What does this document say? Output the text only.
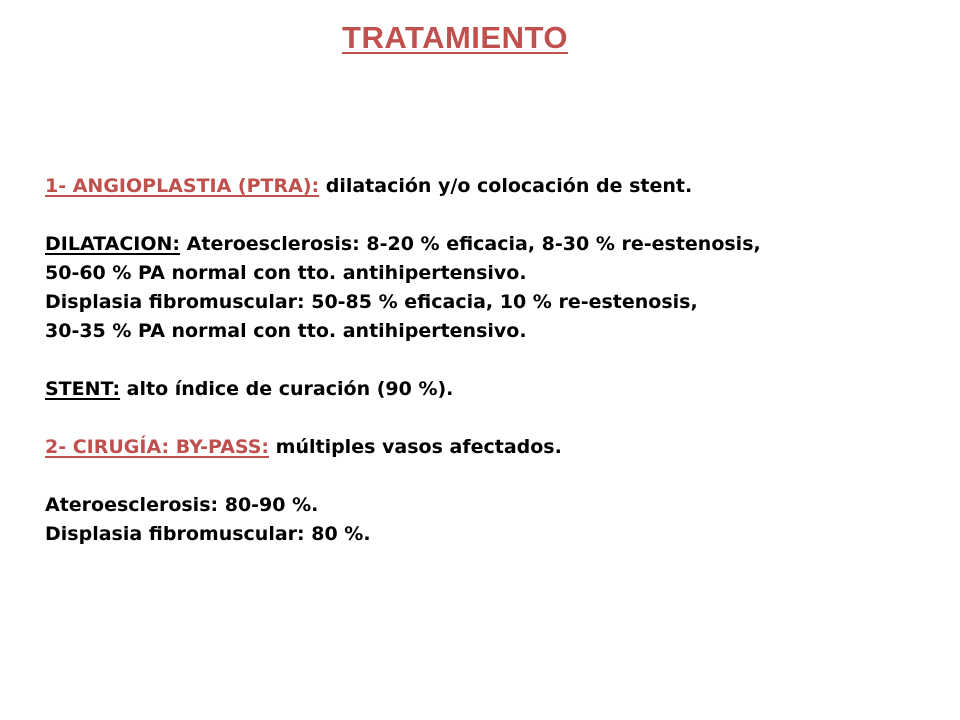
TRATAMIENTO
1- ANGIOPLASTIA (PTRA): dilatación y/o colocación de stent.
DILATACION: Ateroesclerosis: 8-20 % eficacia, 8-30 % re-estenosis,
50-60 % PA normal con tto. antihipertensivo.
Displasia fibromuscular: 50-85 % eficacia, 10 % re-estenosis,
30-35 % PA normal con tto. antihipertensivo.
STENT: alto índice de curación (90 %).
2- CIRUGÍA: BY-PASS: múltiples vasos afectados.
Ateroesclerosis: 80-90 %.
Displasia fibromuscular: 80 %.
